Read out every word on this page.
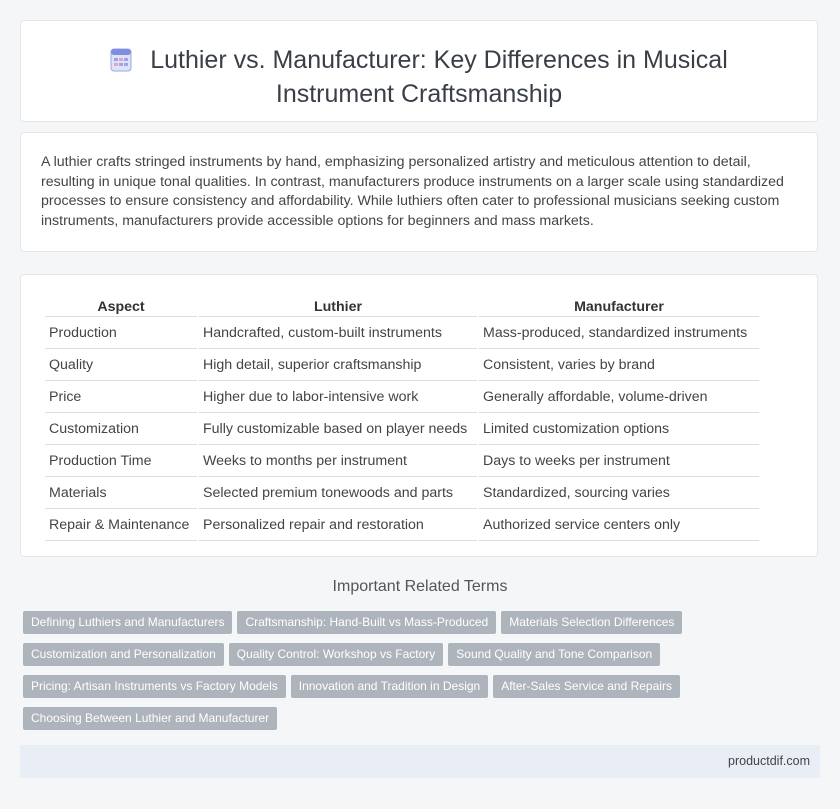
Luthier vs. Manufacturer: Key Differences in Musical Instrument Craftsmanship

A luthier crafts stringed instruments by hand, emphasizing personalized artistry and meticulous attention to detail, resulting in unique tonal qualities. In contrast, manufacturers produce instruments on a larger scale using standardized processes to ensure consistency and affordability. While luthiers often cater to professional musicians seeking custom instruments, manufacturers provide accessible options for beginners and mass markets.

Aspect	Luthier	Manufacturer
Production	Handcrafted, custom-built instruments	Mass-produced, standardized instruments
Quality	High detail, superior craftsmanship	Consistent, varies by brand
Price	Higher due to labor-intensive work	Generally affordable, volume-driven
Customization	Fully customizable based on player needs	Limited customization options
Production Time	Weeks to months per instrument	Days to weeks per instrument
Materials	Selected premium tonewoods and parts	Standardized, sourcing varies
Repair & Maintenance	Personalized repair and restoration	Authorized service centers only
Important Related Terms
Defining Luthiers and Manufacturers Craftsmanship: Hand-Built vs Mass-Produced Materials Selection Differences
Customization and Personalization Quality Control: Workshop vs Factory Sound Quality and Tone Comparison
Pricing: Artisan Instruments vs Factory Models Innovation and Tradition in Design After-Sales Service and Repairs
Choosing Between Luthier and Manufacturer
productdif.com
